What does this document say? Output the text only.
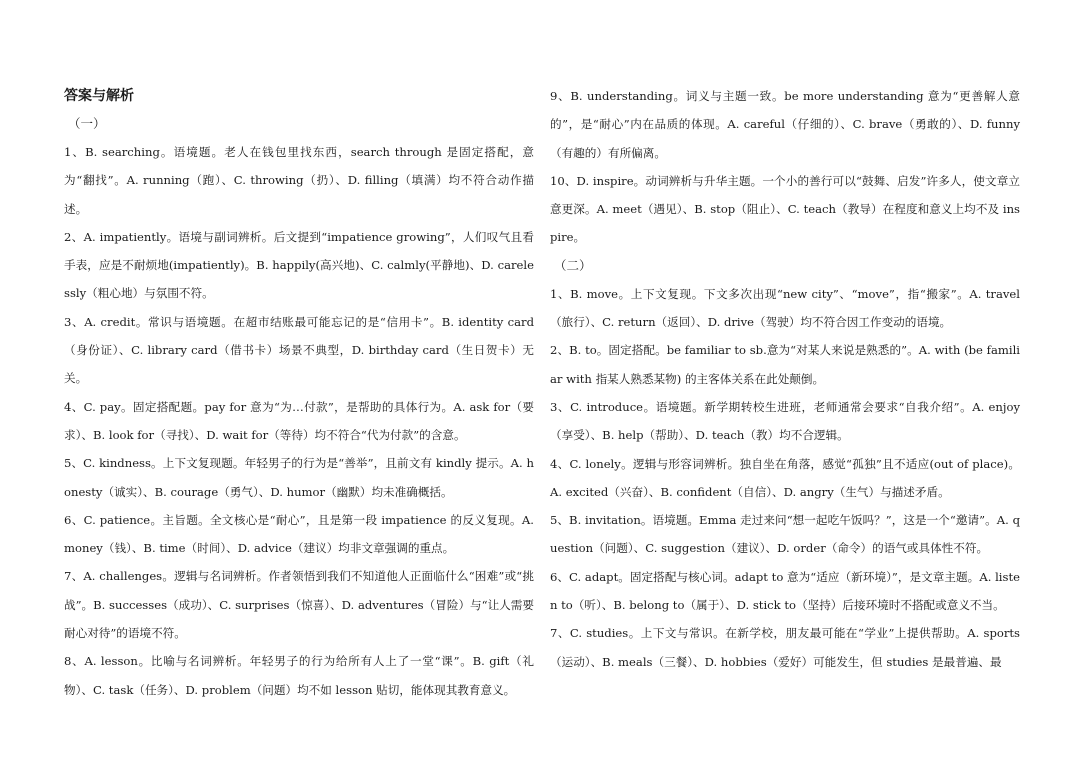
答案与解析
（一）

1、B. searching。语境题。老人在钱包里找东西，search through 是固定搭配，意为“翻找”。A. running（跑）、C. throwing（扔）、D. filling（填满）均不符合动作描述。

2、A. impatiently。语境与副词辨析。后文提到“impatience growing”，人们叹气且看手表，应是不耐烦地(impatiently)。B. happily(高兴地)、C. calmly(平静地)、D. carelessly（粗心地）与氛围不符。

3、A. credit。常识与语境题。在超市结账最可能忘记的是“信用卡”。B. identity card（身份证）、C. library card（借书卡）场景不典型，D. birthday card（生日贺卡）无关。

4、C. pay。固定搭配题。pay for 意为“为…付款”，是帮助的具体行为。A. ask for（要求）、B. look for（寻找）、D. wait for（等待）均不符合“代为付款”的含意。

5、C. kindness。上下文复现题。年轻男子的行为是“善举”，且前文有 kindly 提示。A. honesty（诚实）、B. courage（勇气）、D. humor（幽默）均未准确概括。

6、C. patience。主旨题。全文核心是“耐心”，且是第一段 impatience 的反义复现。A. money（钱）、B. time（时间）、D. advice（建议）均非文章强调的重点。

7、A. challenges。逻辑与名词辨析。作者领悟到我们不知道他人正面临什么“困难”或“挑战”。B. successes（成功）、C. surprises（惊喜）、D. adventures（冒险）与“让人需要耐心对待”的语境不符。

8、A. lesson。比喻与名词辨析。年轻男子的行为给所有人上了一堂“课”。B. gift（礼物）、C. task（任务）、D. problem（问题）均不如 lesson 贴切，能体现其教育意义。

9、B. understanding。词义与主题一致。be more understanding 意为“更善解人意的”，是“耐心”内在品质的体现。A. careful（仔细的）、C. brave（勇敢的）、D. funny（有趣的）有所偏离。

10、D. inspire。动词辨析与升华主题。一个小的善行可以“鼓舞、启发”许多人，使文章立意更深。A. meet（遇见）、B. stop（阻止）、C. teach（教导）在程度和意义上均不及 inspire。

（二）

1、B. move。上下文复现。下文多次出现“new city”、“move”，指“搬家”。A. travel（旅行）、C. return（返回）、D. drive（驾驶）均不符合因工作变动的语境。

2、B. to。固定搭配。be familiar to sb.意为“对某人来说是熟悉的”。A. with (be familiar with 指某人熟悉某物) 的主客体关系在此处颠倒。

3、C. introduce。语境题。新学期转校生进班，老师通常会要求“自我介绍”。A. enjoy（享受）、B. help（帮助）、D. teach（教）均不合逻辑。

4、C. lonely。逻辑与形容词辨析。独自坐在角落，感觉“孤独”且不适应(out of place)。A. excited（兴奋）、B. confident（自信）、D. angry（生气）与描述矛盾。

5、B. invitation。语境题。Emma 走过来问“想一起吃午饭吗？”，这是一个“邀请”。A. question（问题）、C. suggestion（建议）、D. order（命令）的语气或具体性不符。

6、C. adapt。固定搭配与核心词。adapt to 意为“适应（新环境）”，是文章主题。A. listen to（听）、B. belong to（属于）、D. stick to（坚持）后接环境时不搭配或意义不当。

7、C. studies。上下文与常识。在新学校，朋友最可能在“学业”上提供帮助。A. sports（运动）、B. meals（三餐）、D. hobbies（爱好）可能发生，但 studies 是最普遍、最
